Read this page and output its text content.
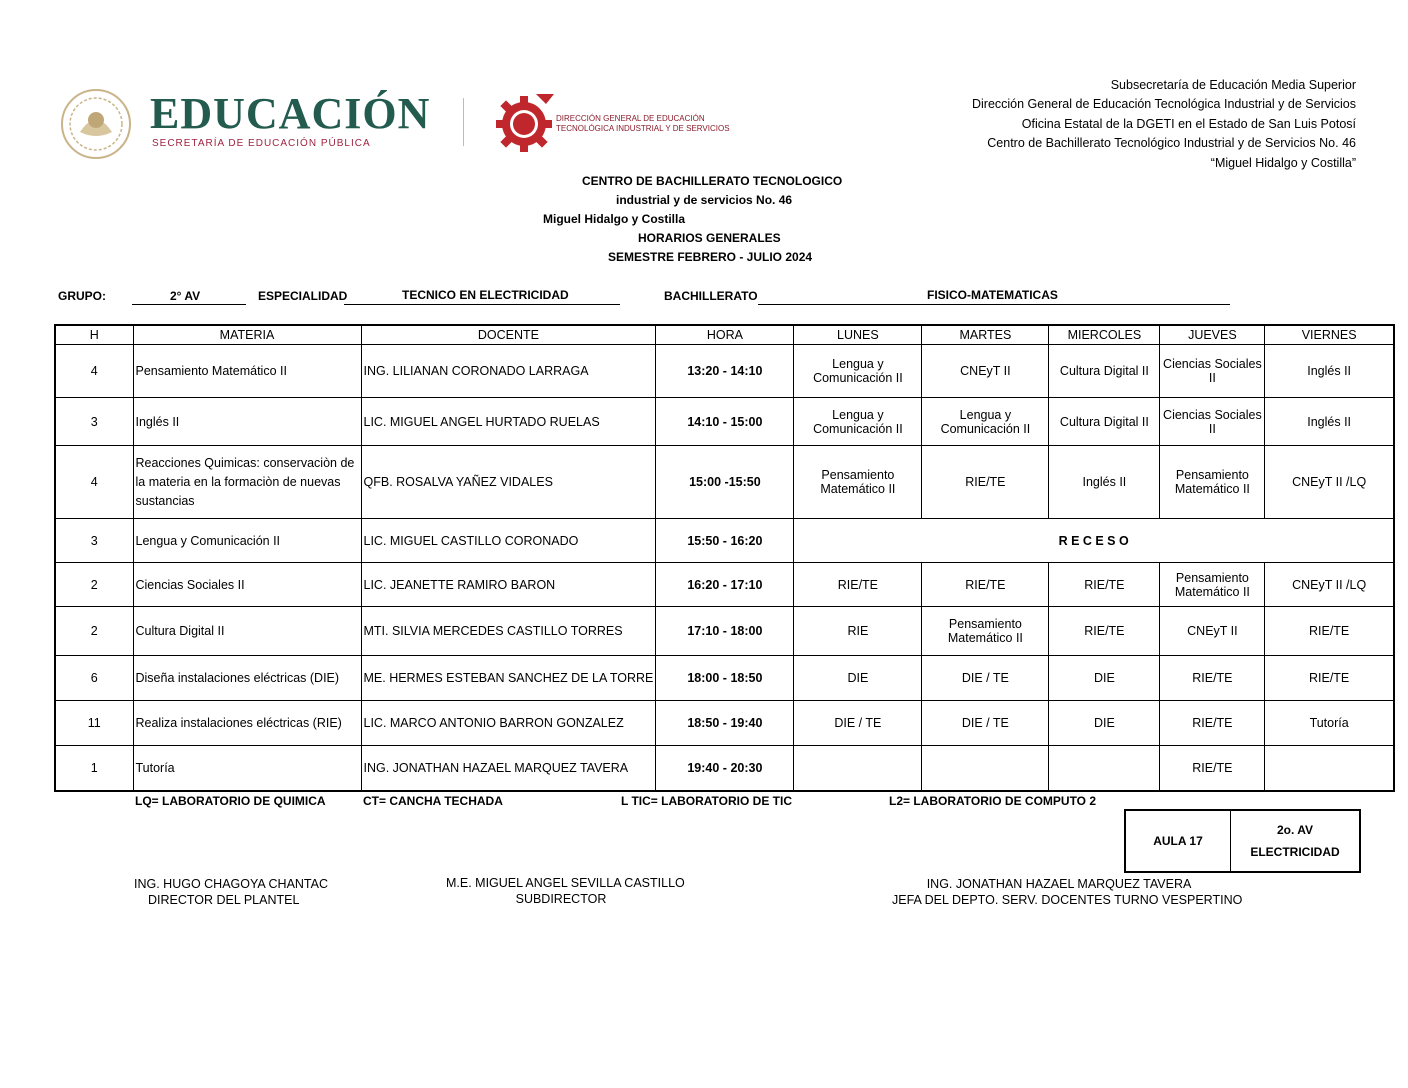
EDUCACIÓN
SECRETARÍA DE EDUCACIÓN PÚBLICA
DIRECCIÓN GENERAL DE EDUCACIÓN
TECNOLÓGICA INDUSTRIAL Y DE SERVICIOS
Subsecretaría de Educación Media Superior
Dirección General de Educación Tecnológica Industrial y de Servicios
Oficina Estatal de la DGETI en el Estado de San Luis Potosí
Centro de Bachillerato Tecnológico Industrial y de Servicios No. 46
“Miguel Hidalgo y Costilla”
CENTRO DE BACHILLERATO TECNOLOGICO
industrial y de servicios No. 46
Miguel Hidalgo y Costilla
HORARIOS GENERALES
SEMESTRE FEBRERO - JULIO 2024
GRUPO:	2° AV	ESPECIALIDAD	TECNICO EN ELECTRICIDAD	BACHILLERATO	FISICO-MATEMATICAS
H	MATERIA	DOCENTE	HORA	LUNES	MARTES	MIERCOLES	JUEVES	VIERNES
4	Pensamiento Matemático II	ING. LILIANAN CORONADO LARRAGA	13:20 - 14:10	Lengua y Comunicación II	CNEyT II	Cultura Digital II	Ciencias Sociales II	Inglés II
3	Inglés II	LIC. MIGUEL ANGEL HURTADO RUELAS	14:10 - 15:00	Lengua y Comunicación II	Lengua y Comunicación II	Cultura Digital II	Ciencias Sociales II	Inglés II
4	Reacciones Quimicas: conservaciòn de la materia en la formaciòn de nuevas sustancias	QFB. ROSALVA YAÑEZ VIDALES	15:00 -15:50	Pensamiento Matemático II	RIE/TE	Inglés II	Pensamiento Matemático II	CNEyT II /LQ
3	Lengua y Comunicación II	LIC. MIGUEL CASTILLO CORONADO	15:50 - 16:20	R E C E S O				
2	Ciencias Sociales II	LIC. JEANETTE RAMIRO BARON	16:20 - 17:10	RIE/TE	RIE/TE	RIE/TE	Pensamiento Matemático II	CNEyT II /LQ
2	Cultura Digital II	MTI. SILVIA MERCEDES CASTILLO TORRES	17:10 - 18:00	RIE	Pensamiento Matemático II	RIE/TE	CNEyT II	RIE/TE
6	Diseña instalaciones eléctricas (DIE)	ME. HERMES ESTEBAN SANCHEZ DE LA TORRE	18:00 - 18:50	DIE	DIE / TE	DIE	RIE/TE	RIE/TE
11	Realiza instalaciones eléctricas (RIE)	LIC. MARCO ANTONIO BARRON GONZALEZ	18:50 - 19:40	DIE / TE	DIE / TE	DIE	RIE/TE	Tutoría
1	Tutoría	ING. JONATHAN HAZAEL MARQUEZ TAVERA	19:40 - 20:30				RIE/TE	
LQ= LABORATORIO DE QUIMICA	CT= CANCHA TECHADA	L TIC= LABORATORIO DE TIC	L2= LABORATORIO DE COMPUTO 2
AULA 17	
2o. AV
ELECTRICIDAD
ING. HUGO CHAGOYA CHANTAC
DIRECTOR DEL PLANTEL
M.E. MIGUEL ANGEL SEVILLA CASTILLO
SUBDIRECTOR
ING. JONATHAN HAZAEL MARQUEZ TAVERA
JEFA DEL DEPTO. SERV. DOCENTES TURNO VESPERTINO
